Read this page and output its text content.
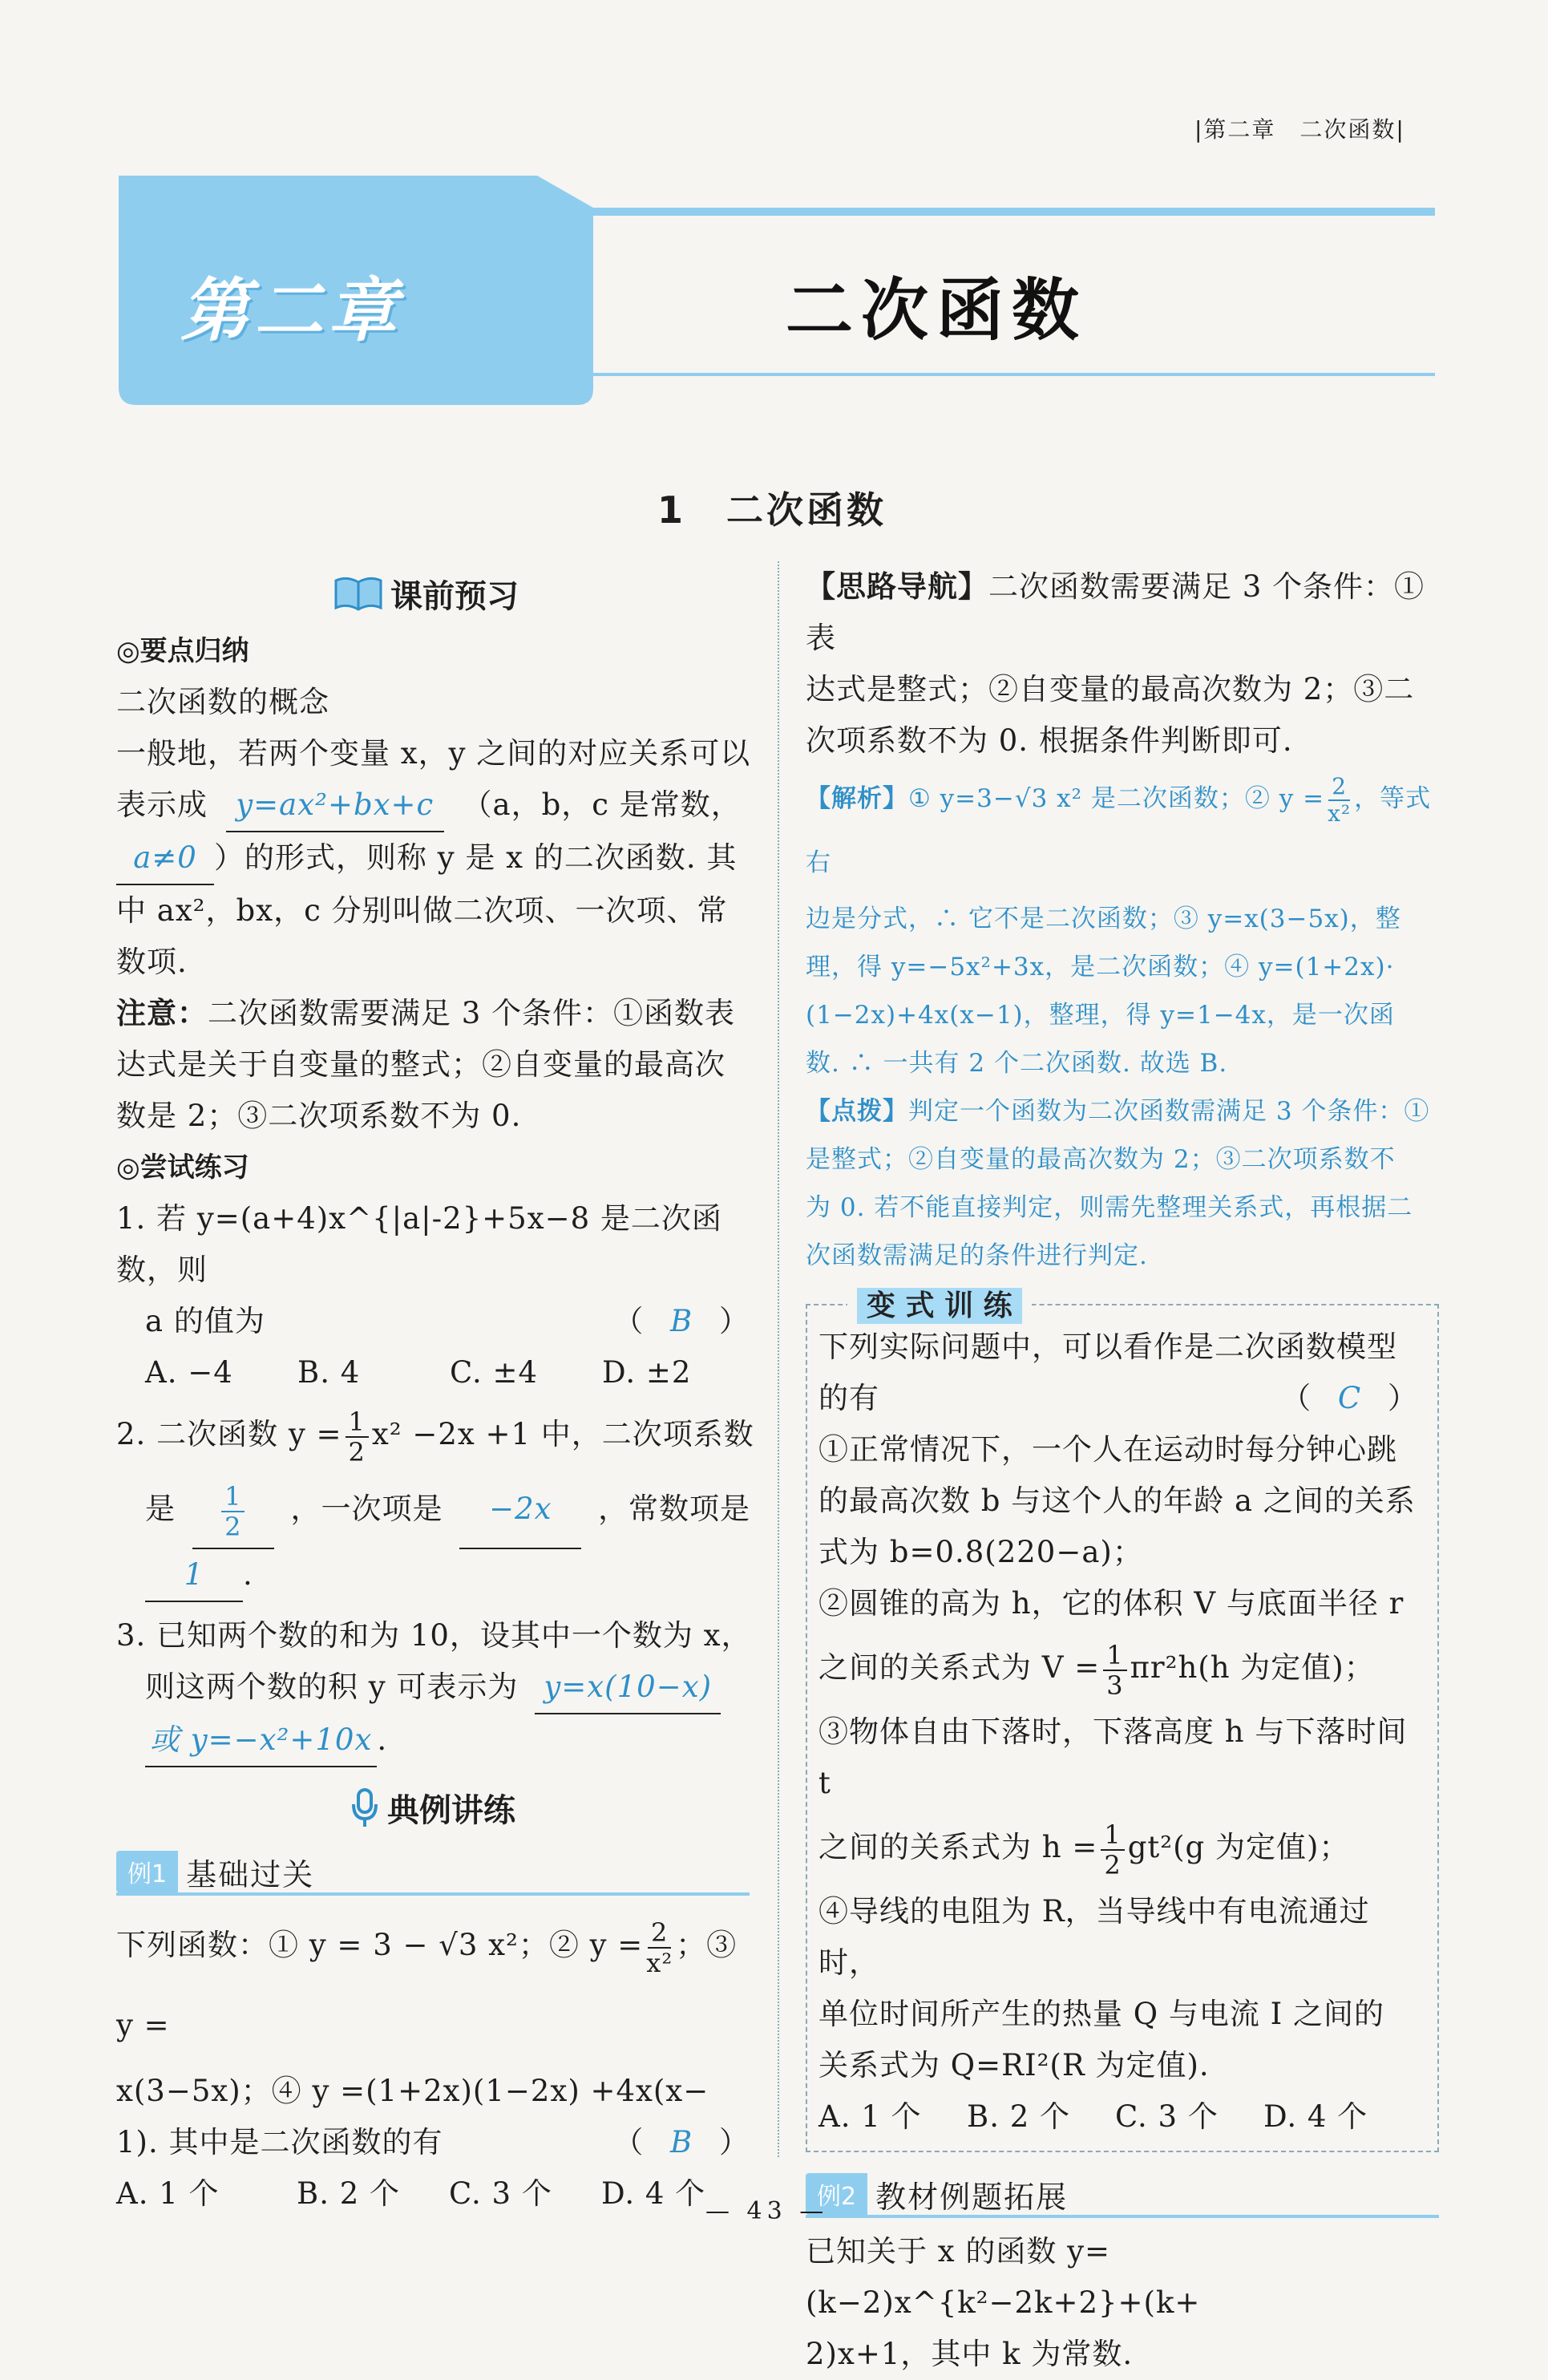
|第二章　二次函数|
第二章	二次函数
1　二次函数
课前预习

◎要点归纳

二次函数的概念

一般地，若两个变量 x，y 之间的对应关系可以

表示成 y=ax²+bx+c （a，b，c 是常数，

a≠0 ）的形式，则称 y 是 x 的二次函数. 其

中 ax²，bx，c 分别叫做二次项、一次项、常

数项.

注意：二次函数需要满足 3 个条件：①函数表

达式是关于自变量的整式；②自变量的最高次

数是 2；③二次项系数不为 0.

◎尝试练习

1. 若 y=(a+4)x^{|a|-2}+5x−8 是二次函数，则

a 的值为	（ B ）

A. −4 B. 4	C. ±4 D. ±2

2. 二次函数 $y = \frac{1}{2} x^2 -2x +1$ 中，二次项系数

是 $\frac{1}{2}$ ，一次项是 −2x ，常数项是

1 .

3. 已知两个数的和为 10，设其中一个数为 x，

则这两个数的积 y 可表示为 y=x(10−x)

或 y=−x²+10x .

典例讲练
例1 基础过关

下列函数：① y = 3 − √3 x²；② $y = \frac{2}{\text{x²}}$ ；③ y =

x(3−5x)；④ y =(1+2x)(1−2x) +4x(x−

1). 其中是二次函数的有	（ B ）

A. 1 个	B. 2 个 C. 3 个 D. 4 个

【思路导航】二次函数需要满足 3 个条件：①表

达式是整式；②自变量的最高次数为 2；③二

次项系数不为 0. 根据条件判断即可.

【解析】① y=3−√3 x² 是二次函数；② $y = \frac{2}{\text{x²}}$ ，等式右

边是分式，∴ 它不是二次函数；③ y=x(3−5x)，整

理，得 y=−5x²+3x，是二次函数；④ y=(1+2x)·

(1−2x)+4x(x−1)，整理，得 y=1−4x，是一次函

数. ∴ 一共有 2 个二次函数. 故选 B.

【点拨】判定一个函数为二次函数需满足 3 个条件：①

是整式；②自变量的最高次数为 2；③二次项系数不

为 0. 若不能直接判定，则需先整理关系式，再根据二

次函数需满足的条件进行判定.

变 式 训 练

下列实际问题中，可以看作是二次函数模型

的有	（ C ）

①正常情况下，一个人在运动时每分钟心跳

的最高次数 b 与这个人的年龄 a 之间的关系

式为 b=0.8(220−a)；

②圆锥的高为 h，它的体积 V 与底面半径 r

之间的关系式为 $V = \frac{1}{3} \pi r^2h(h$ 为定值)；

③物体自由下落时，下落高度 h 与下落时间 t

之间的关系式为 $h = \frac{1}{2} gt^2(g$ 为定值)；

④导线的电阻为 R，当导线中有电流通过时，

单位时间所产生的热量 Q 与电流 I 之间的

关系式为 Q=RI²(R 为定值).

A. 1 个 B. 2 个 C. 3 个 D. 4 个

例2 教材例题拓展

已知关于 x 的函数 y=(k−2)x^{k²−2k+2}+(k+

2)x+1，其中 k 为常数.

— 43 —
